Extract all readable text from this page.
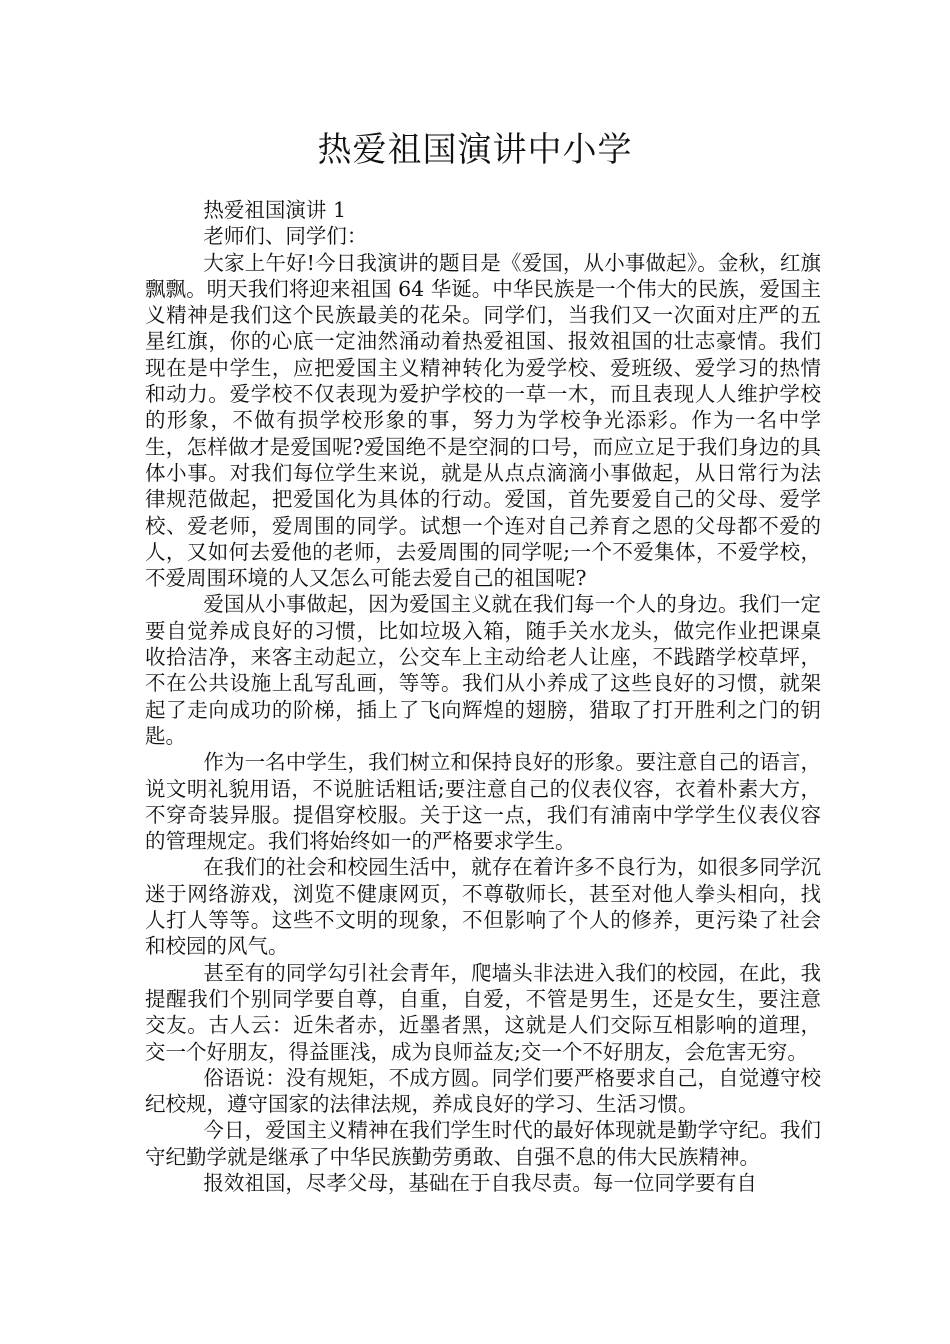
热爱祖国演讲中小学

热爱祖国演讲 1

老师们、同学们：

大家上午好!今日我演讲的题目是《爱国，从小事做起》。金秋，红旗飘飘。明天我们将迎来祖国 64 华诞。中华民族是一个伟大的民族，爱国主义精神是我们这个民族最美的花朵。同学们，当我们又一次面对庄严的五星红旗，你的心底一定油然涌动着热爱祖国、报效祖国的壮志豪情。我们现在是中学生，应把爱国主义精神转化为爱学校、爱班级、爱学习的热情和动力。爱学校不仅表现为爱护学校的一草一木，而且表现人人维护学校的形象，不做有损学校形象的事，努力为学校争光添彩。作为一名中学生，怎样做才是爱国呢?爱国绝不是空洞的口号，而应立足于我们身边的具体小事。对我们每位学生来说，就是从点点滴滴小事做起，从日常行为法律规范做起，把爱国化为具体的行动。爱国，首先要爱自己的父母、爱学校、爱老师，爱周围的同学。试想一个连对自己养育之恩的父母都不爱的人，又如何去爱他的老师，去爱周围的同学呢;一个不爱集体，不爱学校，不爱周围环境的人又怎么可能去爱自己的祖国呢?

爱国从小事做起，因为爱国主义就在我们每一个人的身边。我们一定要自觉养成良好的习惯，比如垃圾入箱，随手关水龙头，做完作业把课桌收拾洁净，来客主动起立，公交车上主动给老人让座，不践踏学校草坪，不在公共设施上乱写乱画，等等。我们从小养成了这些良好的习惯，就架起了走向成功的阶梯，插上了飞向辉煌的翅膀，猎取了打开胜利之门的钥匙。

作为一名中学生，我们树立和保持良好的形象。要注意自己的语言，说文明礼貌用语，不说脏话粗话;要注意自己的仪表仪容，衣着朴素大方，不穿奇装异服。提倡穿校服。关于这一点，我们有浦南中学学生仪表仪容的管理规定。我们将始终如一的严格要求学生。

在我们的社会和校园生活中，就存在着许多不良行为，如很多同学沉迷于网络游戏，浏览不健康网页，不尊敬师长，甚至对他人拳头相向，找人打人等等。这些不文明的现象，不但影响了个人的修养，更污染了社会和校园的风气。

甚至有的同学勾引社会青年，爬墙头非法进入我们的校园，在此，我提醒我们个别同学要自尊，自重，自爱，不管是男生，还是女生，要注意交友。古人云：近朱者赤，近墨者黑，这就是人们交际互相影响的道理，交一个好朋友，得益匪浅，成为良师益友;交一个不好朋友，会危害无穷。

俗语说：没有规矩，不成方圆。同学们要严格要求自己，自觉遵守校纪校规，遵守国家的法律法规，养成良好的学习、生活习惯。

今日，爱国主义精神在我们学生时代的最好体现就是勤学守纪。我们守纪勤学就是继承了中华民族勤劳勇敢、自强不息的伟大民族精神。

报效祖国，尽孝父母，基础在于自我尽责。每一位同学要有自
